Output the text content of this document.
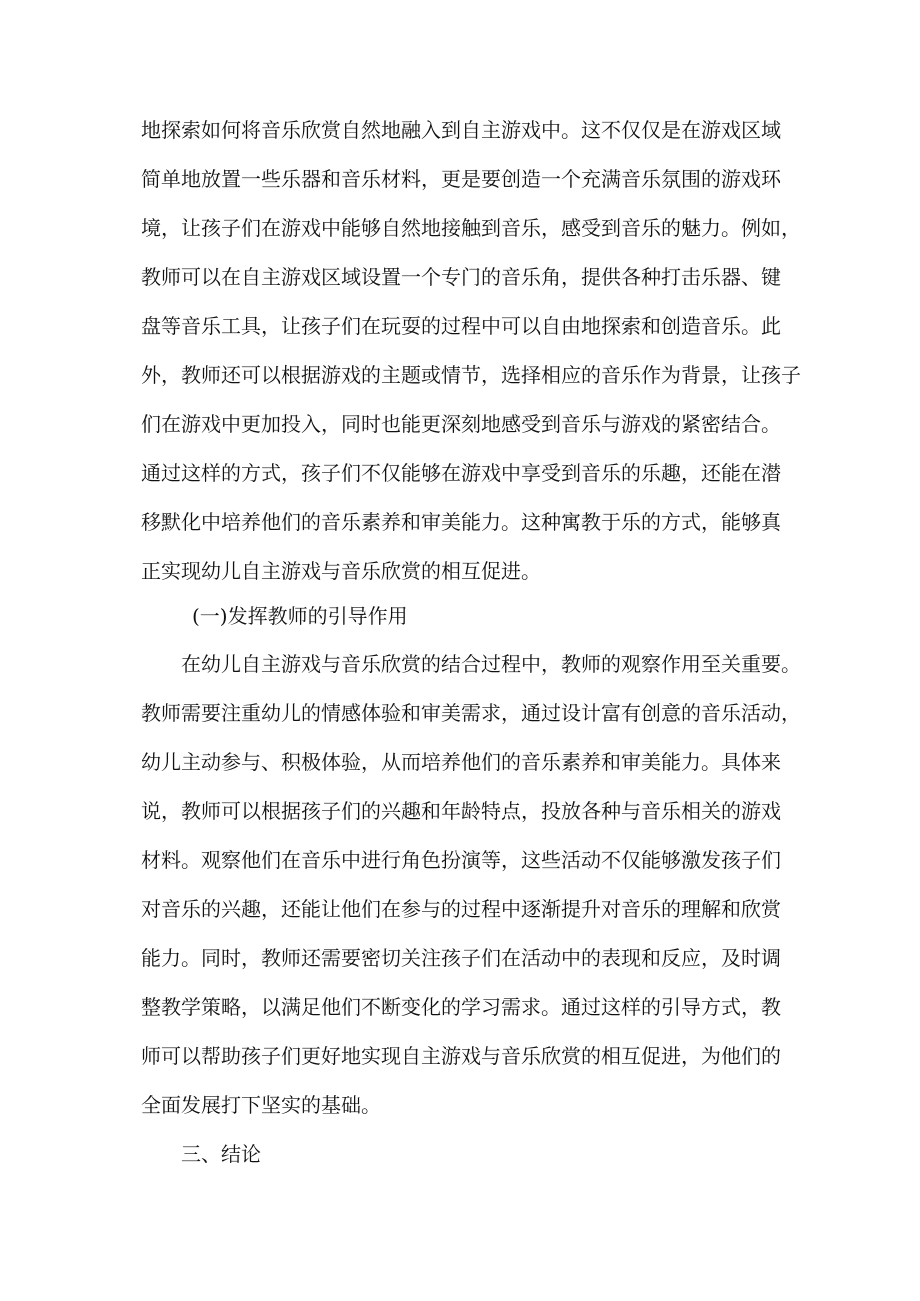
地探索如何将音乐欣赏自然地融入到自主游戏中。这不仅仅是在游戏区域
简单地放置一些乐器和音乐材料，更是要创造一个充满音乐氛围的游戏环
境，让孩子们在游戏中能够自然地接触到音乐，感受到音乐的魅力。例如，
教师可以在自主游戏区域设置一个专门的音乐角，提供各种打击乐器、键
盘等音乐工具，让孩子们在玩耍的过程中可以自由地探索和创造音乐。此
外，教师还可以根据游戏的主题或情节，选择相应的音乐作为背景，让孩子
们在游戏中更加投入，同时也能更深刻地感受到音乐与游戏的紧密结合。
通过这样的方式，孩子们不仅能够在游戏中享受到音乐的乐趣，还能在潜
移默化中培养他们的音乐素养和审美能力。这种寓教于乐的方式，能够真
正实现幼儿自主游戏与音乐欣赏的相互促进。
(一)发挥教师的引导作用
在幼儿自主游戏与音乐欣赏的结合过程中，教师的观察作用至关重要。
教师需要注重幼儿的情感体验和审美需求，通过设计富有创意的音乐活动，
幼儿主动参与、积极体验，从而培养他们的音乐素养和审美能力。具体来
说，教师可以根据孩子们的兴趣和年龄特点，投放各种与音乐相关的游戏
材料。观察他们在音乐中进行角色扮演等，这些活动不仅能够激发孩子们
对音乐的兴趣，还能让他们在参与的过程中逐渐提升对音乐的理解和欣赏
能力。同时，教师还需要密切关注孩子们在活动中的表现和反应，及时调
整教学策略，以满足他们不断变化的学习需求。通过这样的引导方式，教
师可以帮助孩子们更好地实现自主游戏与音乐欣赏的相互促进，为他们的
全面发展打下坚实的基础。
三、结论
